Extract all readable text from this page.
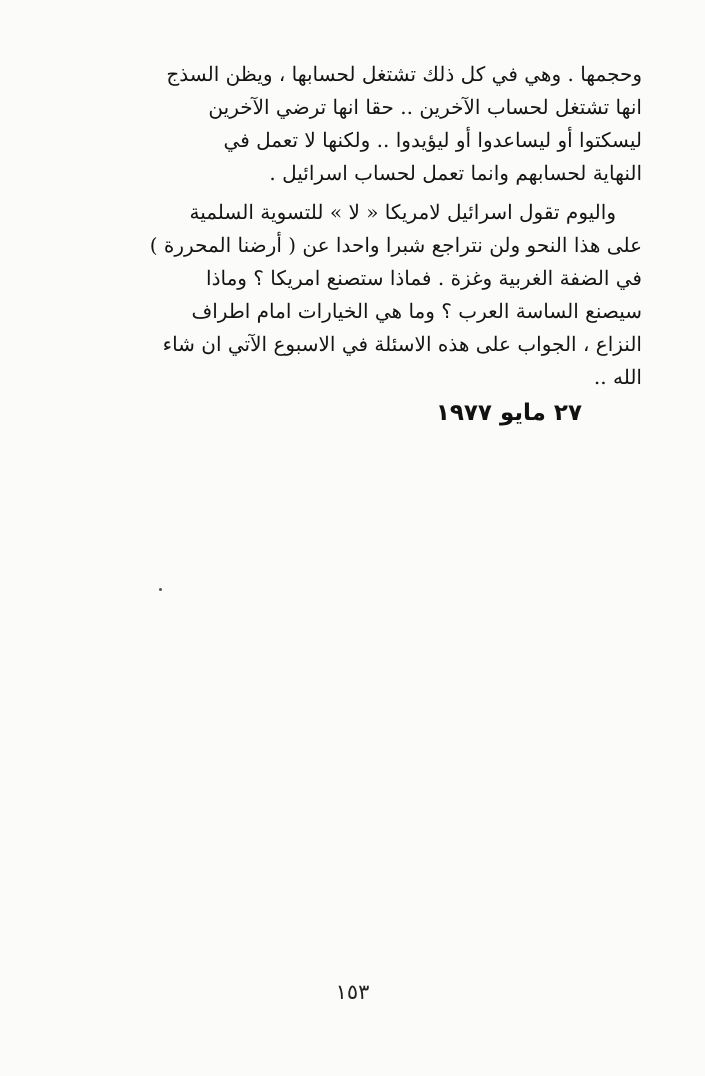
وحجمها . وهي في كل ذلك تشتغل لحسابها ، ويظن السذج
انها تشتغل لحساب الآخرين .. حقا انها ترضي الآخرين
ليسكتوا أو ليساعدوا أو ليؤيدوا .. ولكنها لا تعمل في
النهاية لحسابهم وانما تعمل لحساب اسرائيل .
واليوم تقول اسرائيل لامريكا « لا » للتسوية السلمية
على هذا النحو ولن نتراجع شبرا واحدا عن ( أرضنا المحررة )
في الضفة الغربية وغزة . فماذا ستصنع امريكا ؟ وماذا
سيصنع الساسة العرب ؟ وما هي الخيارات امام اطراف
النزاع ، الجواب على هذه الاسئلة في الاسبوع الآتي ان شاء
الله ..
٢٧ مايو ١٩٧٧
١٥٣
